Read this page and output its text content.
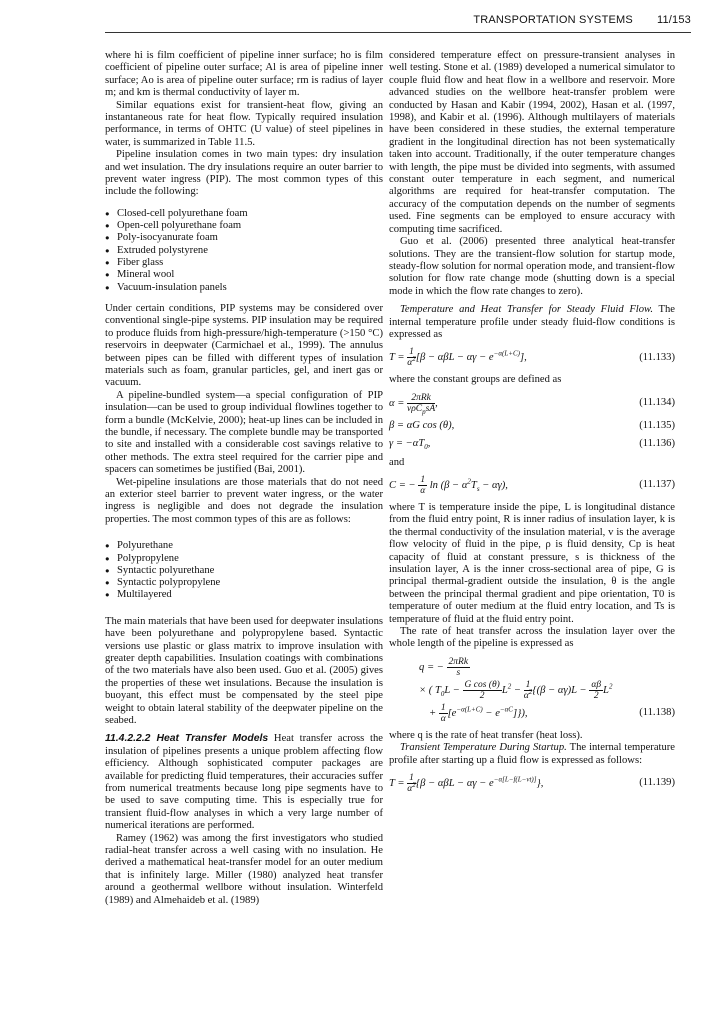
TRANSPORTATION SYSTEMS 11/153

where hi is film coefficient of pipeline inner surface; ho is film coefficient of pipeline outer surface; Al is area of pipeline inner surface; Ao is area of pipeline outer surface; rm is radius of layer m; and km is thermal conductivity of layer m.

Similar equations exist for transient-heat flow, giving an instantaneous rate for heat flow. Typically required insulation performance, in terms of OHTC (U value) of steel pipelines in water, is summarized in Table 11.5.

Pipeline insulation comes in two main types: dry insulation and wet insulation. The dry insulations require an outer barrier to prevent water ingress (PIP). The most common types of this include the following:

● Closed-cell polyurethane foam
● Open-cell polyurethane foam
● Poly-isocyanurate foam
● Extruded polystyrene
● Fiber glass
● Mineral wool
● Vacuum-insulation panels

Under certain conditions, PIP systems may be considered over conventional single-pipe systems. PIP insulation may be required to produce fluids from high-pressure/high-temperature (>150 °C) reservoirs in deepwater (Carmichael et al., 1999). The annulus between pipes can be filled with different types of insulation materials such as foam, granular particles, gel, and inert gas or vacuum.

A pipeline-bundled system—a special configuration of PIP insulation—can be used to group individual flowlines together to form a bundle (McKelvie, 2000); heat-up lines can be included in the bundle, if necessary. The complete bundle may be transported to site and installed with a considerable cost savings relative to other methods. The extra steel required for the carrier pipe and spacers can sometimes be justified (Bai, 2001).

Wet-pipeline insulations are those materials that do not need an exterior steel barrier to prevent water ingress, or the water ingress is negligible and does not degrade the insulation properties. The most common types of this are as follows:

● Polyurethane
● Polypropylene
● Syntactic polyurethane
● Syntactic polypropylene
● Multilayered

The main materials that have been used for deepwater insulations have been polyurethane and polypropylene based. Syntactic versions use plastic or glass matrix to improve insulation with greater depth capabilities. Insulation coatings with combinations of the two materials have also been used. Guo et al. (2005) gives the properties of these wet insulations. Because the insulation is buoyant, this effect must be compensated by the steel pipe weight to obtain lateral stability of the deepwater pipeline on the seabed.

11.4.2.2.2 Heat Transfer Models Heat transfer across the insulation of pipelines presents a unique problem affecting flow efficiency. Although sophisticated computer packages are available for predicting fluid temperatures, their accuracies suffer from numerical treatments because long pipe segments have to be used to save computing time. This is especially true for transient fluid-flow analyses in which a very large number of numerical iterations are performed.

Ramey (1962) was among the first investigators who studied radial-heat transfer across a well casing with no insulation. He derived a mathematical heat-transfer model for an outer medium that is infinitely large. Miller (1980) analyzed heat transfer around a geothermal wellbore without insulation. Winterfeld (1989) and Almehaideb et al. (1989)

considered temperature effect on pressure-transient analyses in well testing. Stone et al. (1989) developed a numerical simulator to couple fluid flow and heat flow in a wellbore and reservoir. More advanced studies on the wellbore heat-transfer problem were conducted by Hasan and Kabir (1994, 2002), Hasan et al. (1997, 1998), and Kabir et al. (1996). Although multilayers of materials have been considered in these studies, the external temperature gradient in the longitudinal direction has not been systematically taken into account. Traditionally, if the outer temperature changes with length, the pipe must be divided into segments, with assumed constant outer temperature in each segment, and numerical algorithms are required for heat-transfer computation. The accuracy of the computation depends on the number of segments used. Fine segments can be employed to ensure accuracy with computing time sacrificed.

Guo et al. (2006) presented three analytical heat-transfer solutions. They are the transient-flow solution for startup mode, steady-flow solution for normal operation mode, and transient-flow solution for flow rate change mode (shutting down is a special mode in which the flow rate changes to zero).

Temperature and Heat Transfer for Steady Fluid Flow. The internal temperature profile under steady fluid-flow conditions is expressed as

$T = \frac{1}{\alpha^2} [\beta - \alpha\beta L - \alpha\gamma - e^{-\alpha(L+C)}]$,	(11.133)

where the constant groups are defined as

$\alpha = \frac{\text{2πRk}}{v\rho C_psA}$ ,	(11.134)
β = αG cos (θ),	(11.135)
$\gamma = -\alpha T_0$,	(11.136)

and

C = − $\frac{1}{\alpha}$ $\ln (\beta - \alpha^2T_s - \alpha\gamma)$,	(11.137)

where T is temperature inside the pipe, L is longitudinal distance from the fluid entry point, R is inner radius of insulation layer, k is the thermal conductivity of the insulation material, v is the average flow velocity of fluid in the pipe, ρ is fluid density, Cp is heat capacity of fluid at constant pressure, s is thickness of the insulation layer, A is the inner cross-sectional area of pipe, G is principal thermal-gradient outside the insulation, θ is the angle between the principal thermal gradient and pipe orientation, T0 is temperature of outer medium at the fluid entry location, and Ts is temperature of fluid at the fluid entry point.

The rate of heat transfer across the insulation layer over the whole length of the pipeline is expressed as

q = − $\frac{\text{2πRk}}{s}$
× ( $T_0L - \frac{\text{G cos (θ)}}{2} L^2 - \frac{1}{\alpha^2} \{(\beta - \alpha\gamma)L - \frac{\alpha\beta}{2} L^2$
+ $\frac{1}{\alpha} [e^{-\alpha(L+C)} - e^{-\alpha C}]$}),	(11.138)

where q is the rate of heat transfer (heat loss).

Transient Temperature During Startup. The internal temperature profile after starting up a fluid flow is expressed as follows:

$T = \frac{1}{\alpha^2} \{\beta - \alpha\beta L - \alpha\gamma - e^{-\alpha[L-f(L-vt)]}\}$,	(11.139)
